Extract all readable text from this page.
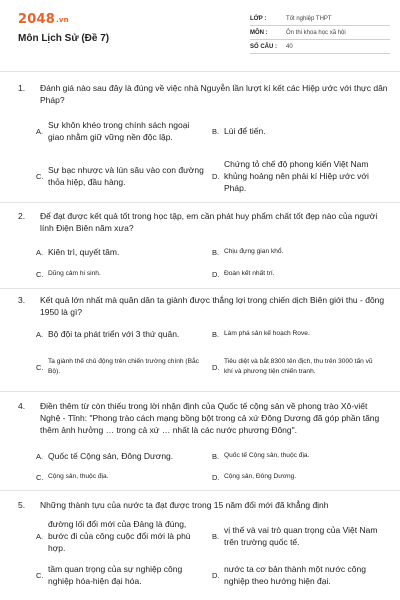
2048.vn
Môn Lịch Sử (Đề 7)
LỚP :	Tốt nghiệp THPT
MÔN :	Ôn thi khoa học xã hội
SỐ CÂU :	40
1.	Đánh giá nào sau đây là đúng về việc nhà Nguyễn lần lượt kí kết các Hiệp ước với thực dân Pháp?
A.
Sự khôn khéo trong chính sách ngoại giao nhằm giữ vững nền độc lập.
B. Lùi để tiến.
C.
Sự bạc nhược và lún sâu vào con đường thỏa hiệp, đầu hàng.
D.
Chứng tỏ chế độ phong kiến Việt Nam khủng hoảng nên phải kí Hiệp ước với Pháp.
2.	Để đạt được kết quả tốt trong học tập, em cần phát huy phẩm chất tốt đẹp nào của người lính Điện Biên năm xưa?
A. Kiên trì, quyết tâm.	B. Chịu đựng gian khổ.
C. Dũng cảm hi sinh.	D. Đoàn kết nhất trí.
3.	Kết quả lớn nhất mà quân dân ta giành được thắng lợi trong chiến dịch Biên giới thu - đông 1950 là gì?
A. Bộ đội ta phát triển với 3 thứ quân.	B. Làm phá sản kế hoạch Rove.
C.
Ta giành thế chủ động trên chiến trường chính (Bắc Bộ).	D.
Tiêu diệt và bắt 8300 tên địch, thu trên 3000 tấn vũ khí và phương tiện chiến tranh.
4.	Điền thêm từ còn thiếu trong lời nhận định của Quốc tế cộng sản về phong trào Xô-viết Nghệ - Tĩnh: "Phong trào cách mạng bồng bột trong cả xứ Đông Dương đã góp phần tăng thêm ảnh hưởng … trong cả xứ … nhất là các nước phương Đông".
A. Quốc tế Cộng sản, Đông Dương.	B. Quốc tế Cộng sản, thuộc địa.
C. Cộng sản, thuộc địa.	D. Cộng sản, Đông Dương.
5.	Những thành tựu của nước ta đạt được trong 15 năm đổi mới đã khẳng định
A.
đường lối đổi mới của Đảng là đúng, bước đi của công cuộc đổi mới là phù hợp.
B.
vị thế và vai trò quan trọng của Việt Nam trên trường quốc tế.
C.
tầm quan trọng của sự nghiệp công nghiệp hóa-hiện đại hóa.
D.
nước ta cơ bản thành một nước công nghiệp theo hướng hiện đại.
